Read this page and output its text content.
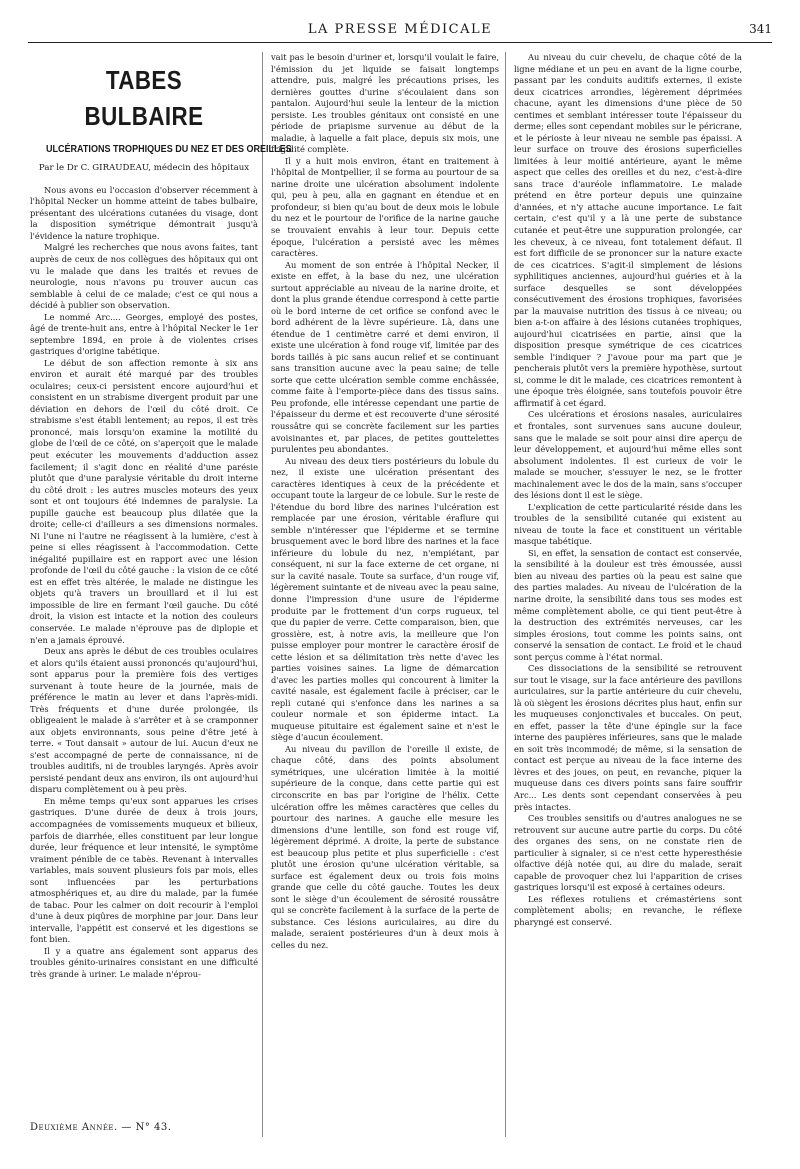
LA PRESSE MÉDICALE	341
TABES BULBAIRE
ULCÉRATIONS TROPHIQUES DU NEZ ET DES OREILLES

Par le Dr C. GIRAUDEAU, médecin des hôpitaux

Nous avons eu l'occasion d'observer récemment à l'hôpital Necker un homme atteint de tabes bulbaire, présentant des ulcérations cutanées du visage, dont la disposition symétrique démontrait jusqu'à l'évidence la nature trophique.

Malgré les recherches que nous avons faites, tant auprès de ceux de nos collègues des hôpitaux qui ont vu le malade que dans les traités et revues de neurologie, nous n'avons pu trouver aucun cas semblable à celui de ce malade; c'est ce qui nous a décidé à publier son observation.

Le nommé Arc.... Georges, employé des postes, âgé de trente-huit ans, entre à l'hôpital Necker le 1er septembre 1894, en proie à de violentes crises gastriques d'origine tabétique.

Le début de son affection remonte à six ans environ et aurait été marqué par des troubles oculaires; ceux-ci persistent encore aujourd'hui et consistent en un strabisme divergent produit par une déviation en dehors de l'œil du côté droit. Ce strabisme s'est établi lentement; au repos, il est très prononcé, mais lorsqu'on examine la motilité du globe de l'œil de ce côté, on s'aperçoit que le malade peut exécuter les mouvements d'adduction assez facilement; il s'agit donc en réalité d'une parésie plutôt que d'une paralysie véritable du droit interne du côté droit : les autres muscles moteurs des yeux sont et ont toujours été indemnes de paralysie. La pupille gauche est beaucoup plus dilatée que la droite; celle-ci d'ailleurs a ses dimensions normales. Ni l'une ni l'autre ne réagissent à la lumière, c'est à peine si elles réagissent à l'accommodation. Cette inégalité pupillaire est en rapport avec une lésion profonde de l'œil du côté gauche : la vision de ce côté est en effet très altérée, le malade ne distingue les objets qu'à travers un brouillard et il lui est impossible de lire en fermant l'œil gauche. Du côté droit, la vision est intacte et la notion des couleurs conservée. Le malade n'éprouve pas de diplopie et n'en a jamais éprouvé.

Deux ans après le début de ces troubles oculaires et alors qu'ils étaient aussi prononcés qu'aujourd'hui, sont apparus pour la première fois des vertiges survenant à toute heure de la journée, mais de préférence le matin au lever et dans l'après-midi. Très fréquents et d'une durée prolongée, ils obligeaient le malade à s'arrêter et à se cramponner aux objets environnants, sous peine d'être jeté à terre. « Tout dansait » autour de lui. Aucun d'eux ne s'est accompagné de perte de connaissance, ni de troubles auditifs, ni de troubles laryngés. Après avoir persisté pendant deux ans environ, ils ont aujourd'hui disparu complètement ou à peu près.

En même temps qu'eux sont apparues les crises gastriques. D'une durée de deux à trois jours, accompagnées de vomissements muqueux et bilieux, parfois de diarrhée, elles constituent par leur longue durée, leur fréquence et leur intensité, le symptôme vraiment pénible de ce tabès. Revenant à intervalles variables, mais souvent plusieurs fois par mois, elles sont influencées par les perturbations atmosphériques et, au dire du malade, par la fumée de tabac. Pour les calmer on doit recourir à l'emploi d'une à deux piqûres de morphine par jour. Dans leur intervalle, l'appétit est conservé et les digestions se font bien.

Il y a quatre ans également sont apparus des troubles génito-urinaires consistant en une difficulté très grande à uriner. Le malade n'éprou-

vait pas le besoin d'uriner et, lorsqu'il voulait le faire, l'émission du jet liquide se faisait longtemps attendre, puis, malgré les précautions prises, les dernières gouttes d'urine s'écoulaient dans son pantalon. Aujourd'hui seule la lenteur de la miction persiste. Les troubles génitaux ont consisté en une période de priapisme survenue au début de la maladie, à laquelle a fait place, depuis six mois, une frigidité complète.

Il y a huit mois environ, étant en traitement à l'hôpital de Montpellier, il se forma au pourtour de sa narine droite une ulcération absolument indolente qui, peu à peu, alla en gagnant en étendue et en profondeur, si bien qu'au bout de deux mois le lobule du nez et le pourtour de l'orifice de la narine gauche se trouvaient envahis à leur tour. Depuis cette époque, l'ulcération a persisté avec les mêmes caractères.

Au moment de son entrée à l'hôpital Necker, il existe en effet, à la base du nez, une ulcération surtout appréciable au niveau de la narine droite, et dont la plus grande étendue correspond à cette partie où le bord interne de cet orifice se confond avec le bord adhérent de la lèvre supérieure. Là, dans une étendue de 1 centimètre carré et demi environ, il existe une ulcération à fond rouge vif, limitée par des bords taillés à pic sans aucun relief et se continuant sans transition aucune avec la peau saine; de telle sorte que cette ulcération semble comme enchâssée, comme faite à l'emporte-pièce dans des tissus sains. Peu profonde, elle intéresse cependant une partie de l'épaisseur du derme et est recouverte d'une sérosité roussâtre qui se concrète facilement sur les parties avoisinantes et, par places, de petites gouttelettes purulentes peu abondantes.

Au niveau des deux tiers postérieurs du lobule du nez, il existe une ulcération présentant des caractères identiques à ceux de la précédente et occupant toute la largeur de ce lobule. Sur le reste de l'étendue du bord libre des narines l'ulcération est remplacée par une érosion, véritable éraflure qui semble n'intéresser que l'épiderme et se termine brusquement avec le bord libre des narines et la face inférieure du lobule du nez, n'empiétant, par conséquent, ni sur la face externe de cet organe, ni sur la cavité nasale. Toute sa surface, d'un rouge vif, légèrement suintante et de niveau avec la peau saine, donne l'impression d'une usure de l'épiderme produite par le frottement d'un corps rugueux, tel que du papier de verre. Cette comparaison, bien, que grossière, est, à notre avis, la meilleure que l'on puisse employer pour montrer le caractère érosif de cette lésion et sa délimitation très nette d'avec les parties voisines saines. La ligne de démarcation d'avec les parties molles qui concourent à limiter la cavité nasale, est également facile à préciser, car le repli cutané qui s'enfonce dans les narines a sa couleur normale et son épiderme intact. La muqueuse pituitaire est également saine et n'est le siège d'aucun écoulement.

Au niveau du pavillon de l'oreille il existe, de chaque côté, dans des points absolument symétriques, une ulcération limitée à la moitié supérieure de la conque, dans cette partie qui est circonscrite en bas par l'origine de l'hélix. Cette ulcération offre les mêmes caractères que celles du pourtour des narines. A gauche elle mesure les dimensions d'une lentille, son fond est rouge vif, légèrement déprimé. A droite, la perte de substance est beaucoup plus petite et plus superficielle : c'est plutôt une érosion qu'une ulcération véritable, sa surface est également deux ou trois fois moins grande que celle du côté gauche. Toutes les deux sont le siège d'un écoulement de sérosité roussâtre qui se concrète facilement à la surface de la perte de substance. Ces lésions auriculaires, au dire du malade, seraient postérieures d'un à deux mois à celles du nez.

Au niveau du cuir chevelu, de chaque côté de la ligne médiane et un peu en avant de la ligne courbe, passant par les conduits auditifs externes, il existe deux cicatrices arrondies, légèrement déprimées chacune, ayant les dimensions d'une pièce de 50 centimes et semblant intéresser toute l'épaisseur du derme; elles sont cependant mobiles sur le péricrane, et le périoste à leur niveau ne semble pas épaissi. A leur surface on trouve des érosions superficielles limitées à leur moitié antérieure, ayant le même aspect que celles des oreilles et du nez, c'est-à-dire sans trace d'auréole inflammatoire. Le malade prétend en être porteur depuis une quinzaine d'années, et n'y attache aucune importance. Le fait certain, c'est qu'il y a là une perte de substance cutanée et peut-être une suppuration prolongée, car les cheveux, à ce niveau, font totalement défaut. Il est fort difficile de se prononcer sur la nature exacte de ces cicatrices. S'agit-il simplement de lésions syphilitiques anciennes, aujourd'hui guéries et à la surface desquelles se sont développées consécutivement des érosions trophiques, favorisées par la mauvaise nutrition des tissus à ce niveau; ou bien a-t-on affaire à des lésions cutanées trophiques, aujourd'hui cicatrisées en partie, ainsi que la disposition presque symétrique de ces cicatrices semble l'indiquer ? J'avoue pour ma part que je pencherais plutôt vers la première hypothèse, surtout si, comme le dit le malade, ces cicatrices remontent à une époque très éloignée, sans toutefois pouvoir être affirmatif à cet égard.

Ces ulcérations et érosions nasales, auriculaires et frontales, sont survenues sans aucune douleur, sans que le malade se soit pour ainsi dire aperçu de leur développement, et aujourd'hui même elles sont absolument indolentes. Il est curieux de voir le malade se moucher, s'essuyer le nez, se le frotter machinalement avec le dos de la main, sans s'occuper des lésions dont il est le siège.

L'explication de cette particularité réside dans les troubles de la sensibilité cutanée qui existent au niveau de toute la face et constituent un véritable masque tabétique.

Si, en effet, la sensation de contact est conservée, la sensibilité à la douleur est très émoussée, aussi bien au niveau des parties où la peau est saine que des parties malades. Au niveau de l'ulcération de la narine droite, la sensibilité dans tous ses modes est même complètement abolie, ce qui tient peut-être à la destruction des extrémités nerveuses, car les simples érosions, tout comme les points sains, ont conservé la sensation de contact. Le froid et le chaud sont perçus comme à l'état normal.

Ces dissociations de la sensibilité se retrouvent sur tout le visage, sur la face antérieure des pavillons auriculaires, sur la partie antérieure du cuir chevelu, là où siègent les érosions décrites plus haut, enfin sur les muqueuses conjonctivales et buccales. On peut, en effet, passer la tête d'une épingle sur la face interne des paupières inférieures, sans que le malade en soit très incommodé; de même, si la sensation de contact est perçue au niveau de la face interne des lèvres et des joues, on peut, en revanche, piquer la muqueuse dans ces divers points sans faire souffrir Arc... Les dents sont cependant conservées à peu près intactes.

Ces troubles sensitifs ou d'autres analogues ne se retrouvent sur aucune autre partie du corps. Du côté des organes des sens, on ne constate rien de particulier à signaler, si ce n'est cette hyperesthésie olfactive déjà notée qui, au dire du malade, serait capable de provoquer chez lui l'apparition de crises gastriques lorsqu'il est exposé à certaines odeurs.

Les réflexes rotuliens et crémastériens sont complètement abolis; en revanche, le réflexe pharyngé est conservé.

Deuxième Année. — N° 43.
